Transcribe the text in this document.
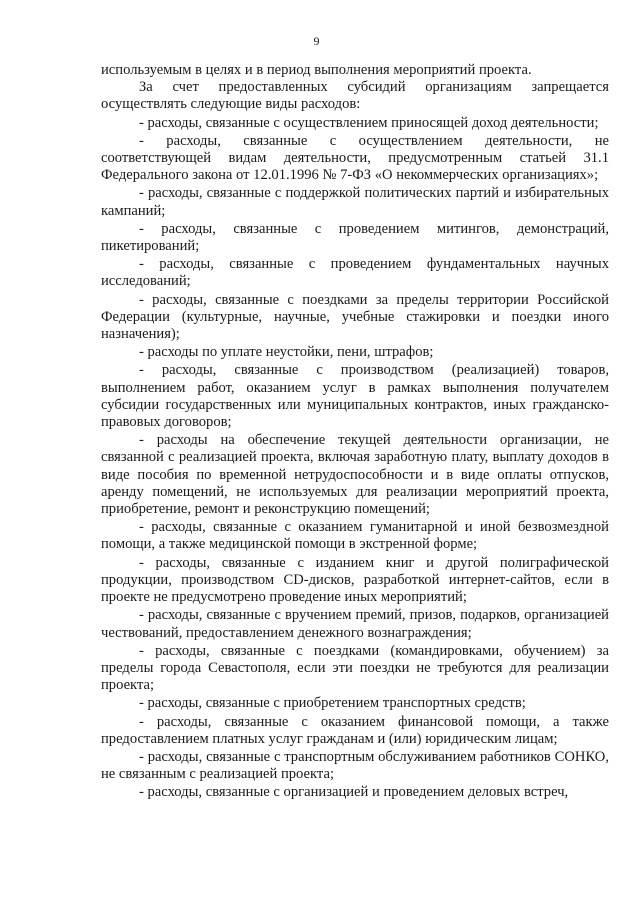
9

используемым в целях и в период выполнения мероприятий проекта.

За счет предоставленных субсидий организациям запрещается осуществлять следующие виды расходов:

- расходы, связанные с осуществлением приносящей доход деятельности;

- расходы, связанные с осуществлением деятельности, не соответствующей видам деятельности, предусмотренным статьей 31.1 Федерального закона от 12.01.1996 № 7-ФЗ «О некоммерческих организациях»;

- расходы, связанные с поддержкой политических партий и избирательных кампаний;

- расходы, связанные с проведением митингов, демонстраций, пикетирований;

- расходы, связанные с проведением фундаментальных научных исследований;

- расходы, связанные с поездками за пределы территории Российской Федерации (культурные, научные, учебные стажировки и поездки иного назначения);

- расходы по уплате неустойки, пени, штрафов;

- расходы, связанные с производством (реализацией) товаров, выполнением работ, оказанием услуг в рамках выполнения получателем субсидии государственных или муниципальных контрактов, иных гражданско-правовых договоров;

- расходы на обеспечение текущей деятельности организации, не связанной с реализацией проекта, включая заработную плату, выплату доходов в виде пособия по временной нетрудоспособности и в виде оплаты отпусков, аренду помещений, не используемых для реализации мероприятий проекта, приобретение, ремонт и реконструкцию помещений;

- расходы, связанные с оказанием гуманитарной и иной безвозмездной помощи, а также медицинской помощи в экстренной форме;

- расходы, связанные с изданием книг и другой полиграфической продукции, производством CD-дисков, разработкой интернет-сайтов, если в проекте не предусмотрено проведение иных мероприятий;

- расходы, связанные с вручением премий, призов, подарков, организацией чествований, предоставлением денежного вознаграждения;

- расходы, связанные с поездками (командировками, обучением) за пределы города Севастополя, если эти поездки не требуются для реализации проекта;

- расходы, связанные с приобретением транспортных средств;

- расходы, связанные с оказанием финансовой помощи, а также предоставлением платных услуг гражданам и (или) юридическим лицам;

- расходы, связанные с транспортным обслуживанием работников СОНКО, не связанным с реализацией проекта;

- расходы, связанные с организацией и проведением деловых встреч,
